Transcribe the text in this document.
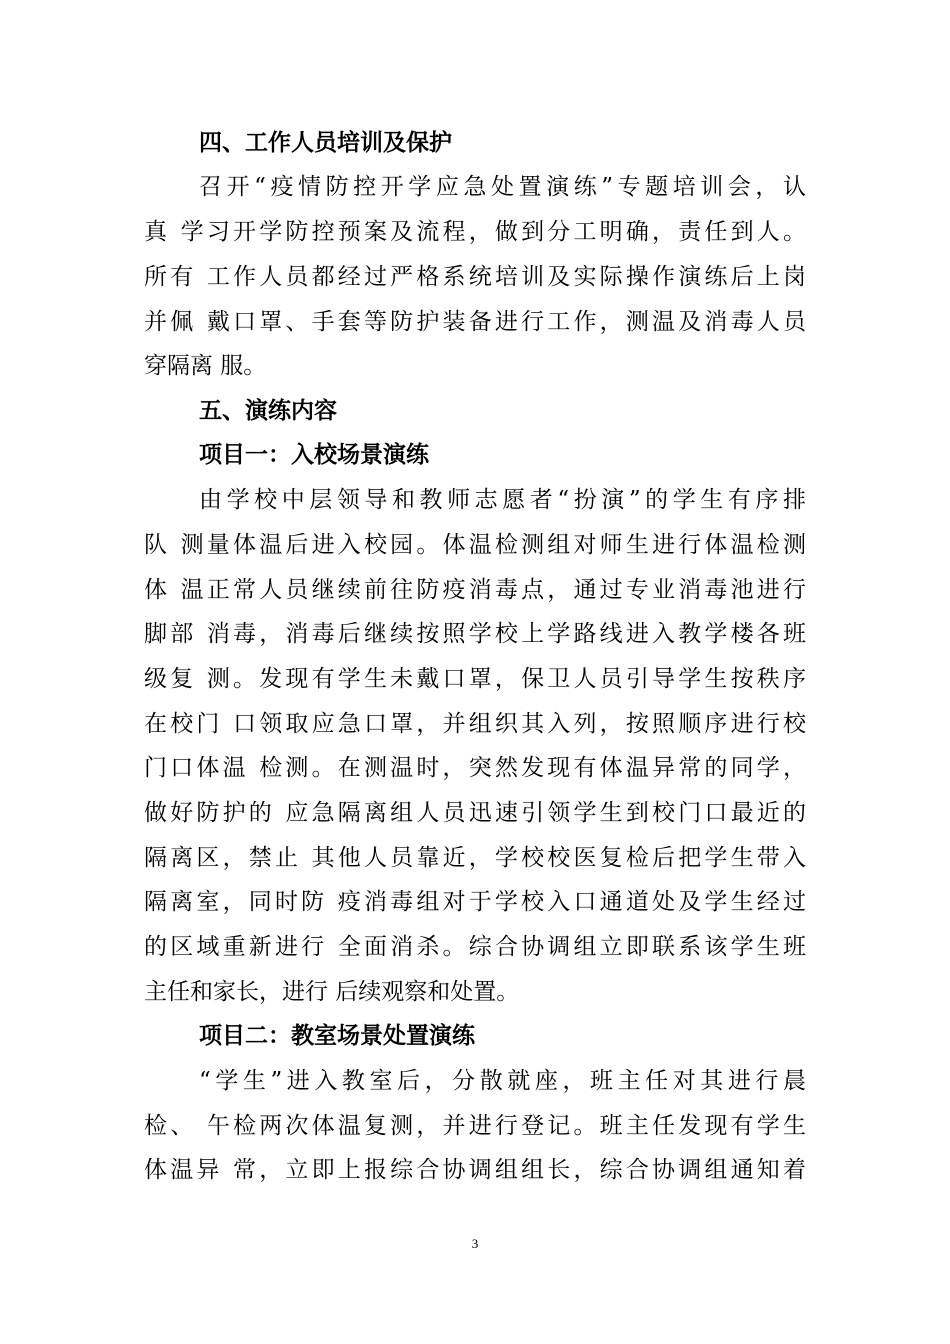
四、工作人员培训及保护
召开“疫情防控开学应急处置演练”专题培训会，认
真 学习开学防控预案及流程，做到分工明确，责任到人。
所有 工作人员都经过严格系统培训及实际操作演练后上岗
并佩 戴口罩、手套等防护装备进行工作，测温及消毒人员
穿隔离 服。
五、演练内容
项目一：入校场景演练
由学校中层领导和教师志愿者“扮演”的学生有序排
队 测量体温后进入校园。体温检测组对师生进行体温检测
体 温正常人员继续前往防疫消毒点，通过专业消毒池进行
脚部 消毒，消毒后继续按照学校上学路线进入教学楼各班
级复 测。发现有学生未戴口罩，保卫人员引导学生按秩序
在校门 口领取应急口罩，并组织其入列，按照顺序进行校
门口体温 检测。在测温时，突然发现有体温异常的同学，
做好防护的 应急隔离组人员迅速引领学生到校门口最近的
隔离区，禁止 其他人员靠近，学校校医复检后把学生带入
隔离室，同时防 疫消毒组对于学校入口通道处及学生经过
的区域重新进行 全面消杀。综合协调组立即联系该学生班
主任和家长，进行 后续观察和处置。
项目二：教室场景处置演练
“学生”进入教室后，分散就座，班主任对其进行晨
检、 午检两次体温复测，并进行登记。班主任发现有学生
体温异 常，立即上报综合协调组组长，综合协调组通知着
3
